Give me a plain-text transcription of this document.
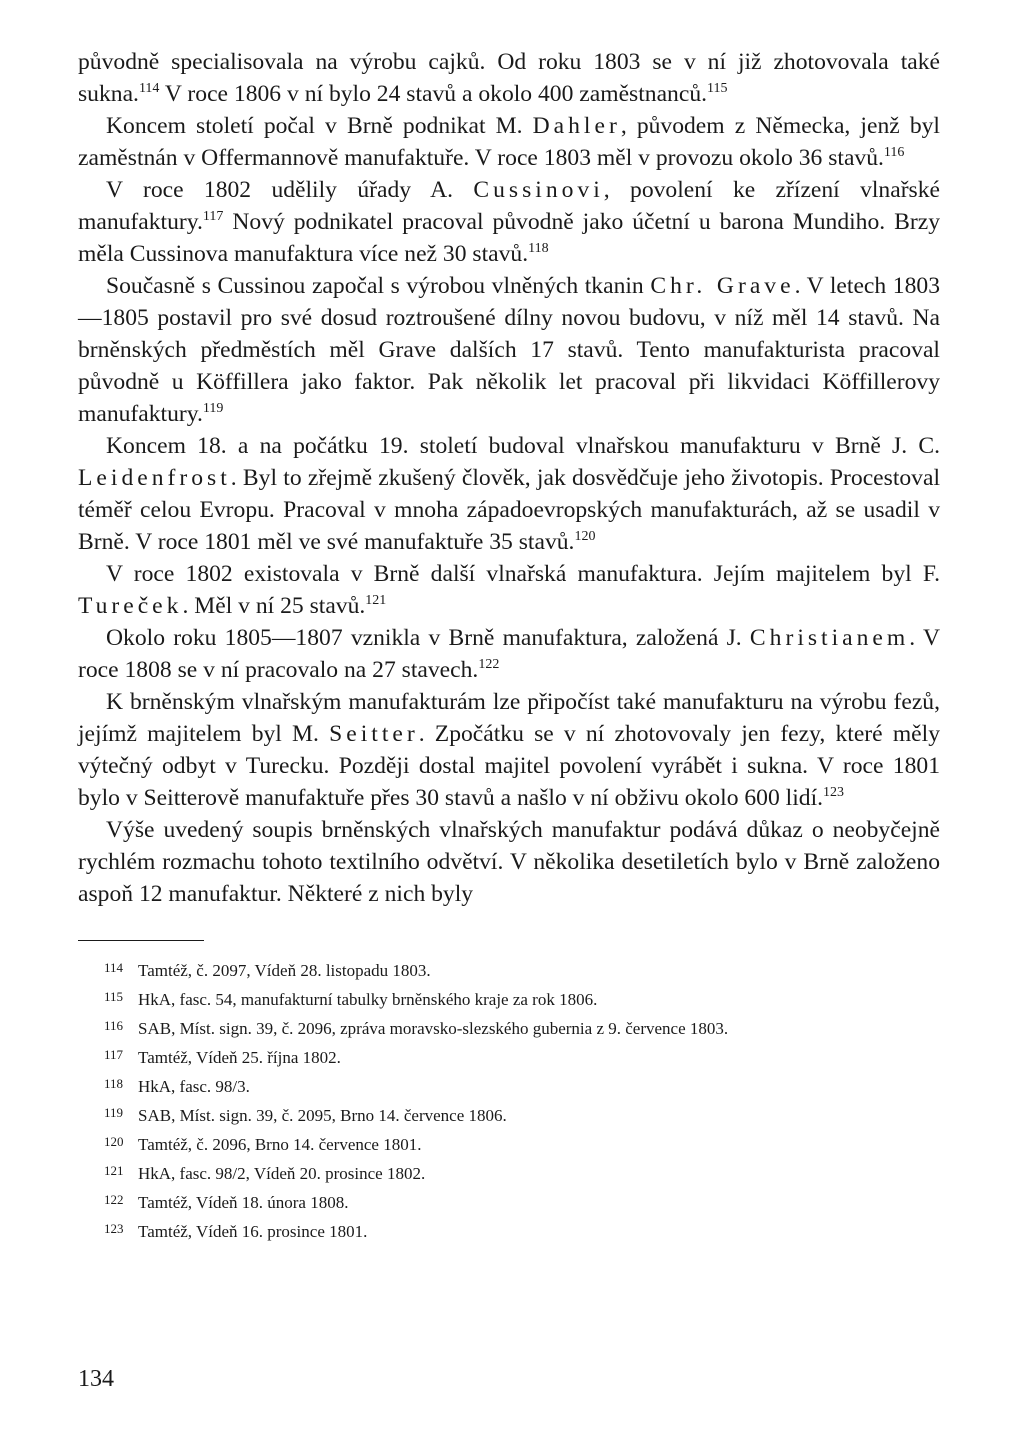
původně specialisovala na výrobu cajků. Od roku 1803 se v ní již zhotovovala také sukna.$^{114}$ V roce 1806 v ní bylo 24 stavů a okolo 400 zaměstnanců.$^{115}$

Koncem století počal v Brně podnikat M. Dahler, původem z Německa, jenž byl zaměstnán v Offermannově manufaktuře. V roce 1803 měl v provozu okolo 36 stavů.$^{116}$

V roce 1802 udělily úřady A. Cussinovi, povolení ke zřízení vlnařské manufaktury.$^{117}$ Nový podnikatel pracoval původně jako účetní u barona Mundiho. Brzy měla Cussinova manufaktura více než 30 stavů.$^{118}$

Současně s Cussinou započal s výrobou vlněných tkanin Chr. Grave. V letech 1803—1805 postavil pro své dosud roztroušené dílny novou budovu, v níž měl 14 stavů. Na brněnských předměstích měl Grave dalších 17 stavů. Tento manufakturista pracoval původně u Köffillera jako faktor. Pak několik let pracoval při likvidaci Köffillerovy manufaktury.$^{119}$

Koncem 18. a na počátku 19. století budoval vlnařskou manufakturu v Brně J. C. Leidenfrost. Byl to zřejmě zkušený člověk, jak dosvědčuje jeho životopis. Procestoval téměř celou Evropu. Pracoval v mnoha západoevropských manufakturách, až se usadil v Brně. V roce 1801 měl ve své manufaktuře 35 stavů.$^{120}$

V roce 1802 existovala v Brně další vlnařská manufaktura. Jejím majitelem byl F. Tureček. Měl v ní 25 stavů.$^{121}$

Okolo roku 1805—1807 vznikla v Brně manufaktura, založená J. Christianem. V roce 1808 se v ní pracovalo na 27 stavech.$^{122}$

K brněnským vlnařským manufakturám lze připočíst také manufakturu na výrobu fezů, jejímž majitelem byl M. Seitter. Zpočátku se v ní zhotovovaly jen fezy, které měly výtečný odbyt v Turecku. Později dostal majitel povolení vyrábět i sukna. V roce 1801 bylo v Seitterově manufaktuře přes 30 stavů a našlo v ní obživu okolo 600 lidí.$^{123}$

Výše uvedený soupis brněnských vlnařských manufaktur podává důkaz o neobyčejně rychlém rozmachu tohoto textilního odvětví. V několika desetiletích bylo v Brně založeno aspoň 12 manufaktur. Některé z nich byly

114 Tamtéž, č. 2097, Vídeň 28. listopadu 1803.
115 HkA, fasc. 54, manufakturní tabulky brněnského kraje za rok 1806.
116 SAB, Míst. sign. 39, č. 2096, zpráva moravsko-slezského gubernia z 9. července 1803.
117 Tamtéž, Vídeň 25. října 1802.
118 HkA, fasc. 98/3.
119 SAB, Míst. sign. 39, č. 2095, Brno 14. července 1806.
120 Tamtéž, č. 2096, Brno 14. července 1801.
121 HkA, fasc. 98/2, Vídeň 20. prosince 1802.
122 Tamtéž, Vídeň 18. února 1808.
123 Tamtéž, Vídeň 16. prosince 1801.
134
